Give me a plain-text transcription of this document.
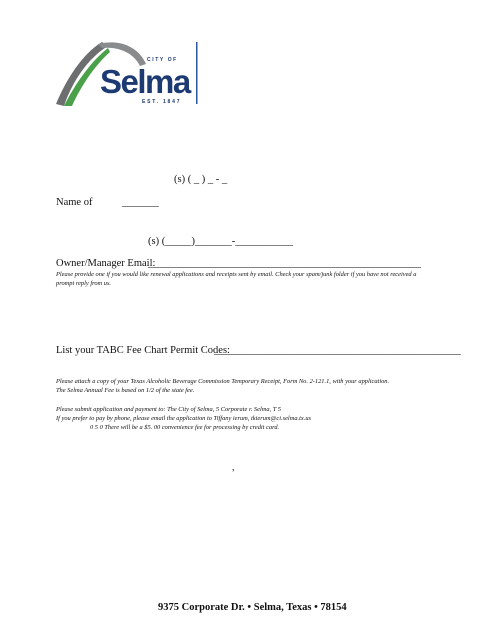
CITY OF
Selma
EST. 1847
(s) ( _ ) _ - _
Name of	_______
(s) (_____)_______-___________
Owner/Manager Email:
____________________________________________________
Please provide one if you would like renewal applications and receipts sent by email. Check your spam/junk folder if you have not received a prompt reply from us.
List your TABC Fee Chart Permit Codes:
_______________________________________________
Please attach a copy of your Texas Alcoholic Beverage Commission Temporary Receipt, Form No. 2-121.1, with your application.
The Selma Annual Fee is based on 1/2 of the state fee.
Please submit application and payment to: The City of Selma, 5 Corporate r. Selma, T 5
If you prefer to pay by phone, please email the application to Tiffany ierum, tkierum@ci.selma.tx.us
0 5 0 There will be a $5. 00 convenience fee for processing by credit card.
,
9375 Corporate Dr. • Selma, Texas • 78154
